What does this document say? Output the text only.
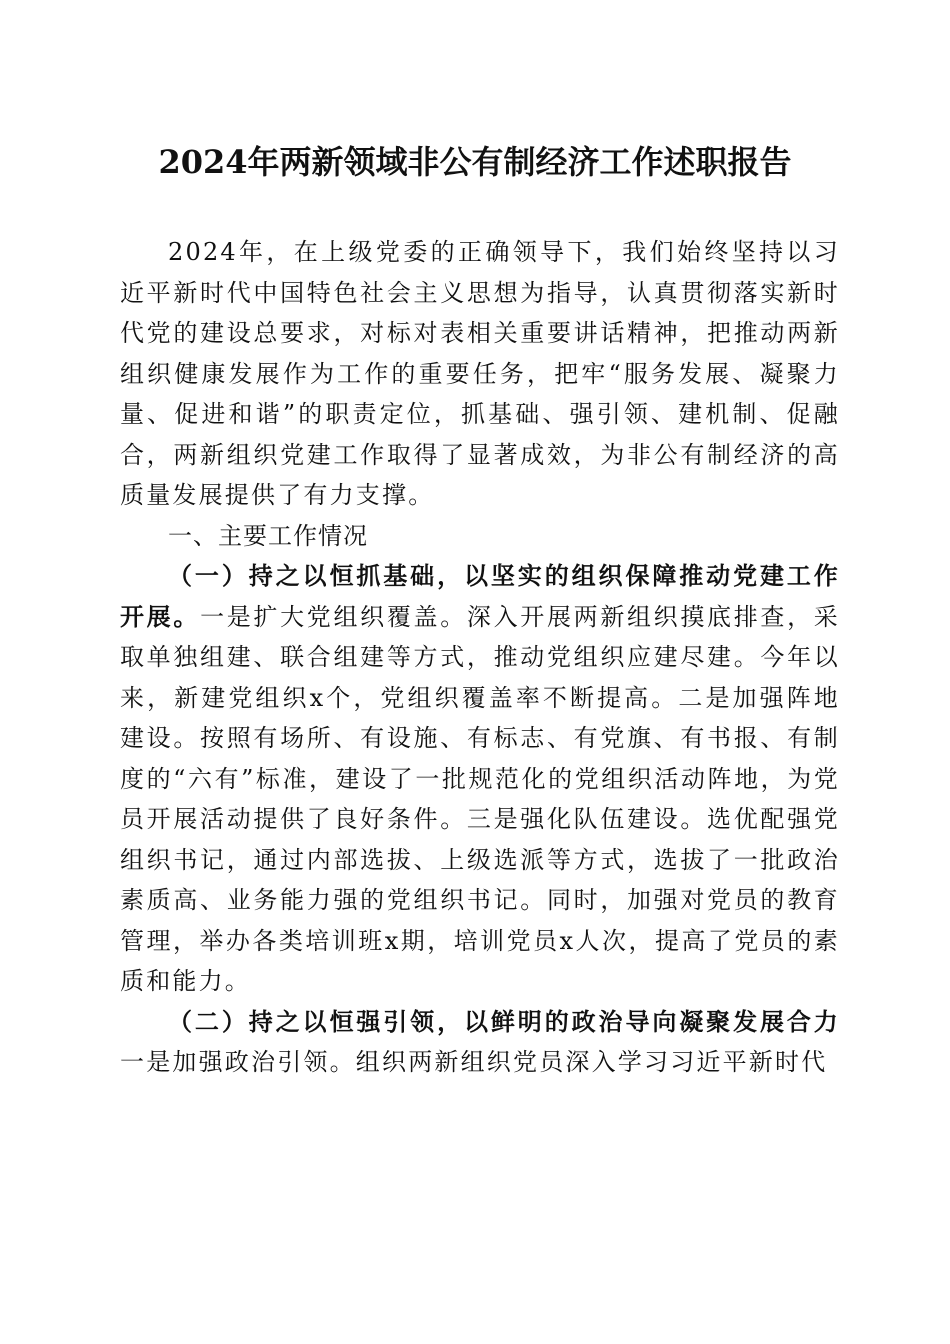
2024年两新领域非公有制经济工作述职报告

2024年，在上级党委的正确领导下，我们始终坚持以习近平新时代中国特色社会主义思想为指导，认真贯彻落实新时代党的建设总要求，对标对表相关重要讲话精神，把推动两新组织健康发展作为工作的重要任务，把牢“服务发展、凝聚力量、促进和谐”的职责定位，抓基础、强引领、建机制、促融合，两新组织党建工作取得了显著成效，为非公有制经济的高质量发展提供了有力支撑。

一、主要工作情况

（一）持之以恒抓基础，以坚实的组织保障推动党建工作开展。一是扩大党组织覆盖。深入开展两新组织摸底排查，采取单独组建、联合组建等方式，推动党组织应建尽建。今年以来，新建党组织x个，党组织覆盖率不断提高。二是加强阵地建设。按照有场所、有设施、有标志、有党旗、有书报、有制度的“六有”标准，建设了一批规范化的党组织活动阵地，为党员开展活动提供了良好条件。三是强化队伍建设。选优配强党组织书记，通过内部选拔、上级选派等方式，选拔了一批政治素质高、业务能力强的党组织书记。同时，加强对党员的教育管理，举办各类培训班x期，培训党员x人次，提高了党员的素质和能力。

（二）持之以恒强引领，以鲜明的政治导向凝聚发展合力一是加强政治引领。组织两新组织党员深入学习习近平新时代
